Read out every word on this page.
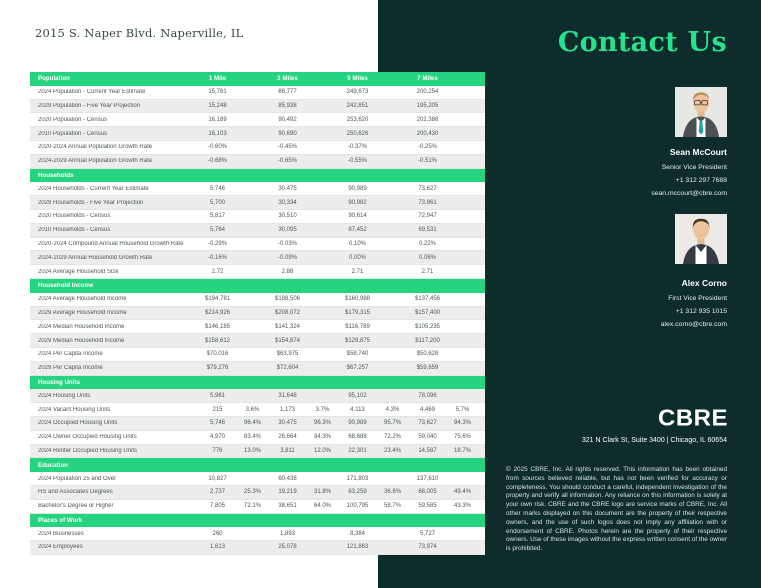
2015 S. Naper Blvd. Naperville, IL
Population	1 Mile	3 Miles	5 Miles	7 Miles
2024 Population - Current Year Estimate	15,781	88,777	249,673	200,254
2029 Population - Five Year Projection	15,248	85,938	242,851	195,205
2020 Population - Census	16,189	90,492	253,620	202,386
2010 Population - Census	16,103	90,690	250,626	200,430
2020-2024 Annual Population Growth Rate	-0.60%	-0.45%	-0.37%	-0.25%
2024-2029 Annual Population Growth Rate	-0.68%	-0.65%	-0.55%	-0.51%
Households
2024 Households - Current Year Estimate	5,746	30,475	90,989	73,627
2029 Households - Five Year Projection	5,700	30,334	90,982	73,861
2020 Households - Census	5,817	30,510	90,614	72,947
2010 Households - Census	5,764	30,095	87,452	69,531
2020-2024 Compound Annual Household Growth Rate	-0.29%	-0.03%	0.10%	0.22%
2024-2029 Annual Household Growth Rate	-0.16%	-0.09%	0.00%	0.06%
2024 Average Household Size	2.72	2.88	2.71	2.71
Household Income
2024 Average Household Income	$194,781	$188,506	$160,988	$137,456
2029 Average Household Income	$214,926	$208,072	$179,315	$157,400
2024 Median Household Income	$146,185	$141,324	$116,789	$105,235
2029 Median Household Income	$158,612	$154,874	$129,875	$117,200
2024 Per Capita Income	$70,016	$63,975	$58,740	$50,628
2029 Per Capita Income	$79,276	$72,604	$67,257	$59,659
Housing Units
2024 Housing Units	5,961	31,648	95,102	78,096
2024 Vacant Housing Units	215	3.6%	1,173	3.7%	4,113	4.3%	4,469	5.7%
2024 Occupied Housing Units	5,746	96.4%	30,475	96.3%	90,989	95.7%	73,627	94.3%
2024 Owner Occupied Housing Units	4,970	83.4%	26,664	84.3%	68,688	72.2%	59,040	75.6%
2024 Renter Occupied Housing Units	776	13.0%	3,811	12.0%	22,301	23.4%	14,587	18.7%
Education
2024 Population 25 and Over	10,827	60,438	171,803	137,610
HS and Associates Degrees	2,737	25.3%	19,219	31.8%	63,259	36.8%	68,005	49.4%
Bachelor's Degree or Higher	7,805	72.1%	38,651	64.0%	100,795	58.7%	59,585	43.3%
Places of Work
2024 Businesses	260	1,893	8,384	5,727
2024 Employees	1,613	25,078	121,863	73,974
Contact Us
Sean McCourt
Senior Vice President
+1 312 297 7688
sean.mccourt@cbre.com
Alex Corno
First Vice President
+1 312 935 1015
alex.corno@cbre.com
CBRE
321 N Clark St, Suite 3400 | Chicago, IL 60654
© 2025 CBRE, Inc. All rights reserved. This information has been obtained from sources believed reliable, but has not been verified for accuracy or completeness. You should conduct a careful, independent investigation of the property and verify all information. Any reliance on this information is solely at your own risk. CBRE and the CBRE logo are service marks of CBRE, Inc. All other marks displayed on this document are the property of their respective owners, and the use of such logos does not imply any affiliation with or endorsement of CBRE. Photos herein are the property of their respective owners. Use of these images without the express written consent of the owner is prohibited.
